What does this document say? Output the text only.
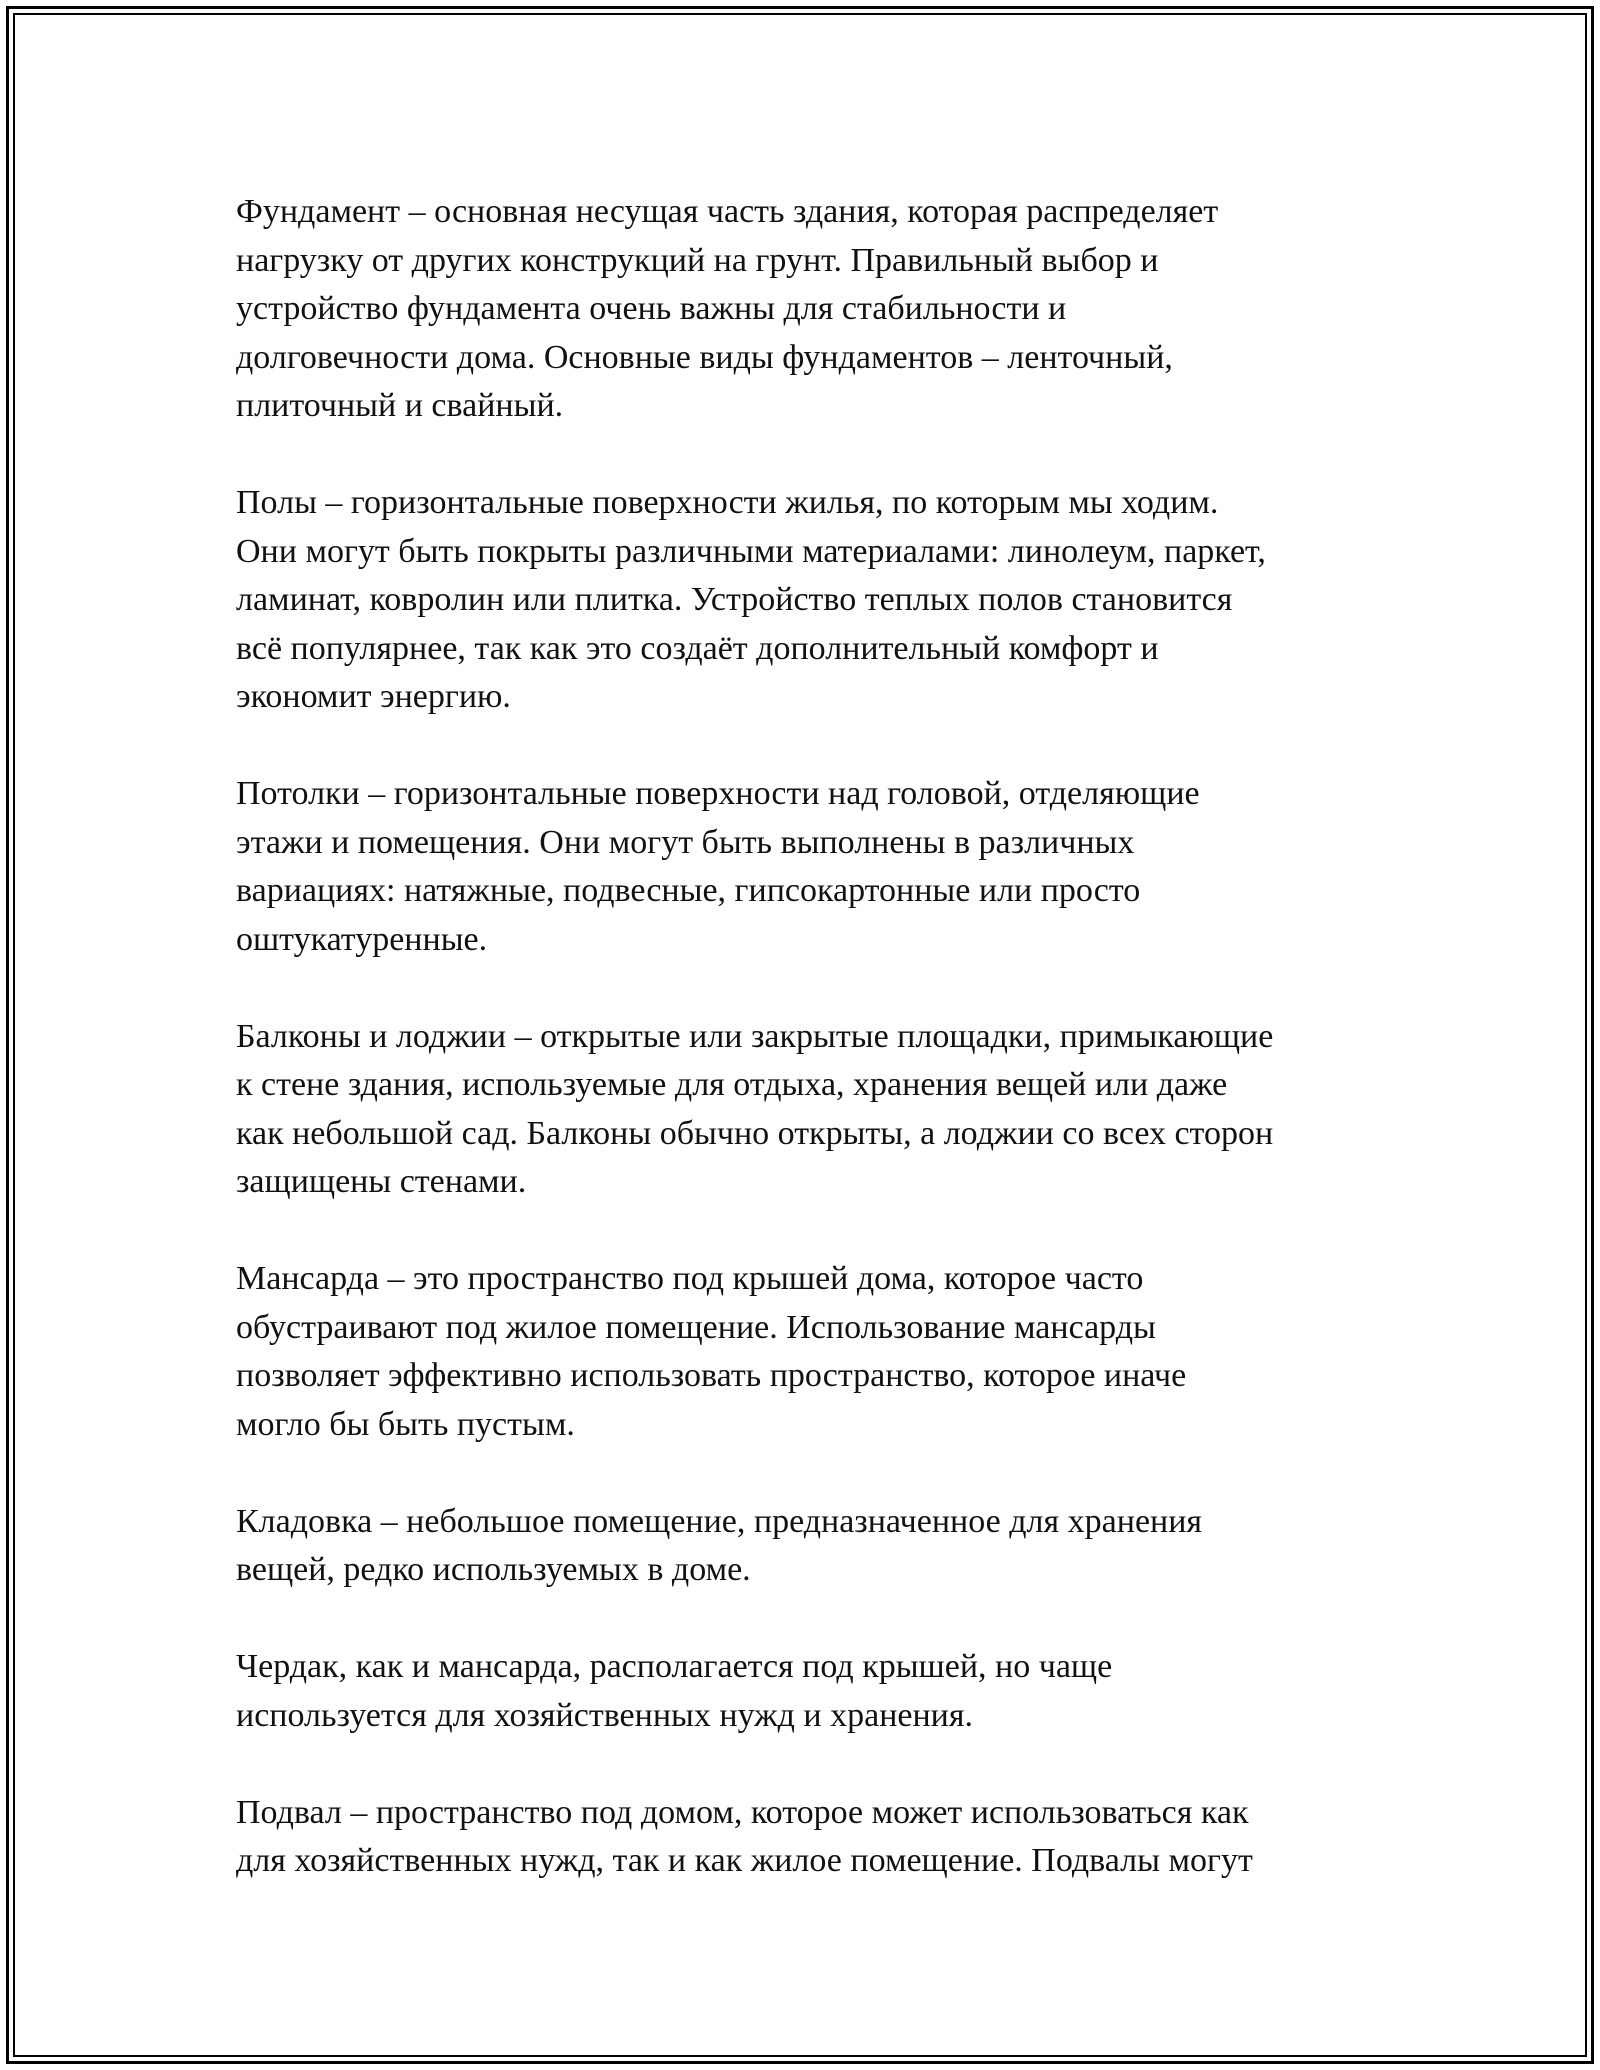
Фундамент – основная несущая часть здания, которая распределяет
нагрузку от других конструкций на грунт. Правильный выбор и
устройство фундамента очень важны для стабильности и
долговечности дома. Основные виды фундаментов – ленточный,
плиточный и свайный.

Полы – горизонтальные поверхности жилья, по которым мы ходим.
Они могут быть покрыты различными материалами: линолеум, паркет,
ламинат, ковролин или плитка. Устройство теплых полов становится
всё популярнее, так как это создаёт дополнительный комфорт и
экономит энергию.

Потолки – горизонтальные поверхности над головой, отделяющие
этажи и помещения. Они могут быть выполнены в различных
вариациях: натяжные, подвесные, гипсокартонные или просто
оштукатуренные.

Балконы и лоджии – открытые или закрытые площадки, примыкающие
к стене здания, используемые для отдыха, хранения вещей или даже
как небольшой сад. Балконы обычно открыты, а лоджии со всех сторон
защищены стенами.

Мансарда – это пространство под крышей дома, которое часто
обустраивают под жилое помещение. Использование мансарды
позволяет эффективно использовать пространство, которое иначе
могло бы быть пустым.

Кладовка – небольшое помещение, предназначенное для хранения
вещей, редко используемых в доме.

Чердак, как и мансарда, располагается под крышей, но чаще
используется для хозяйственных нужд и хранения.

Подвал – пространство под домом, которое может использоваться как
для хозяйственных нужд, так и как жилое помещение. Подвалы могут
